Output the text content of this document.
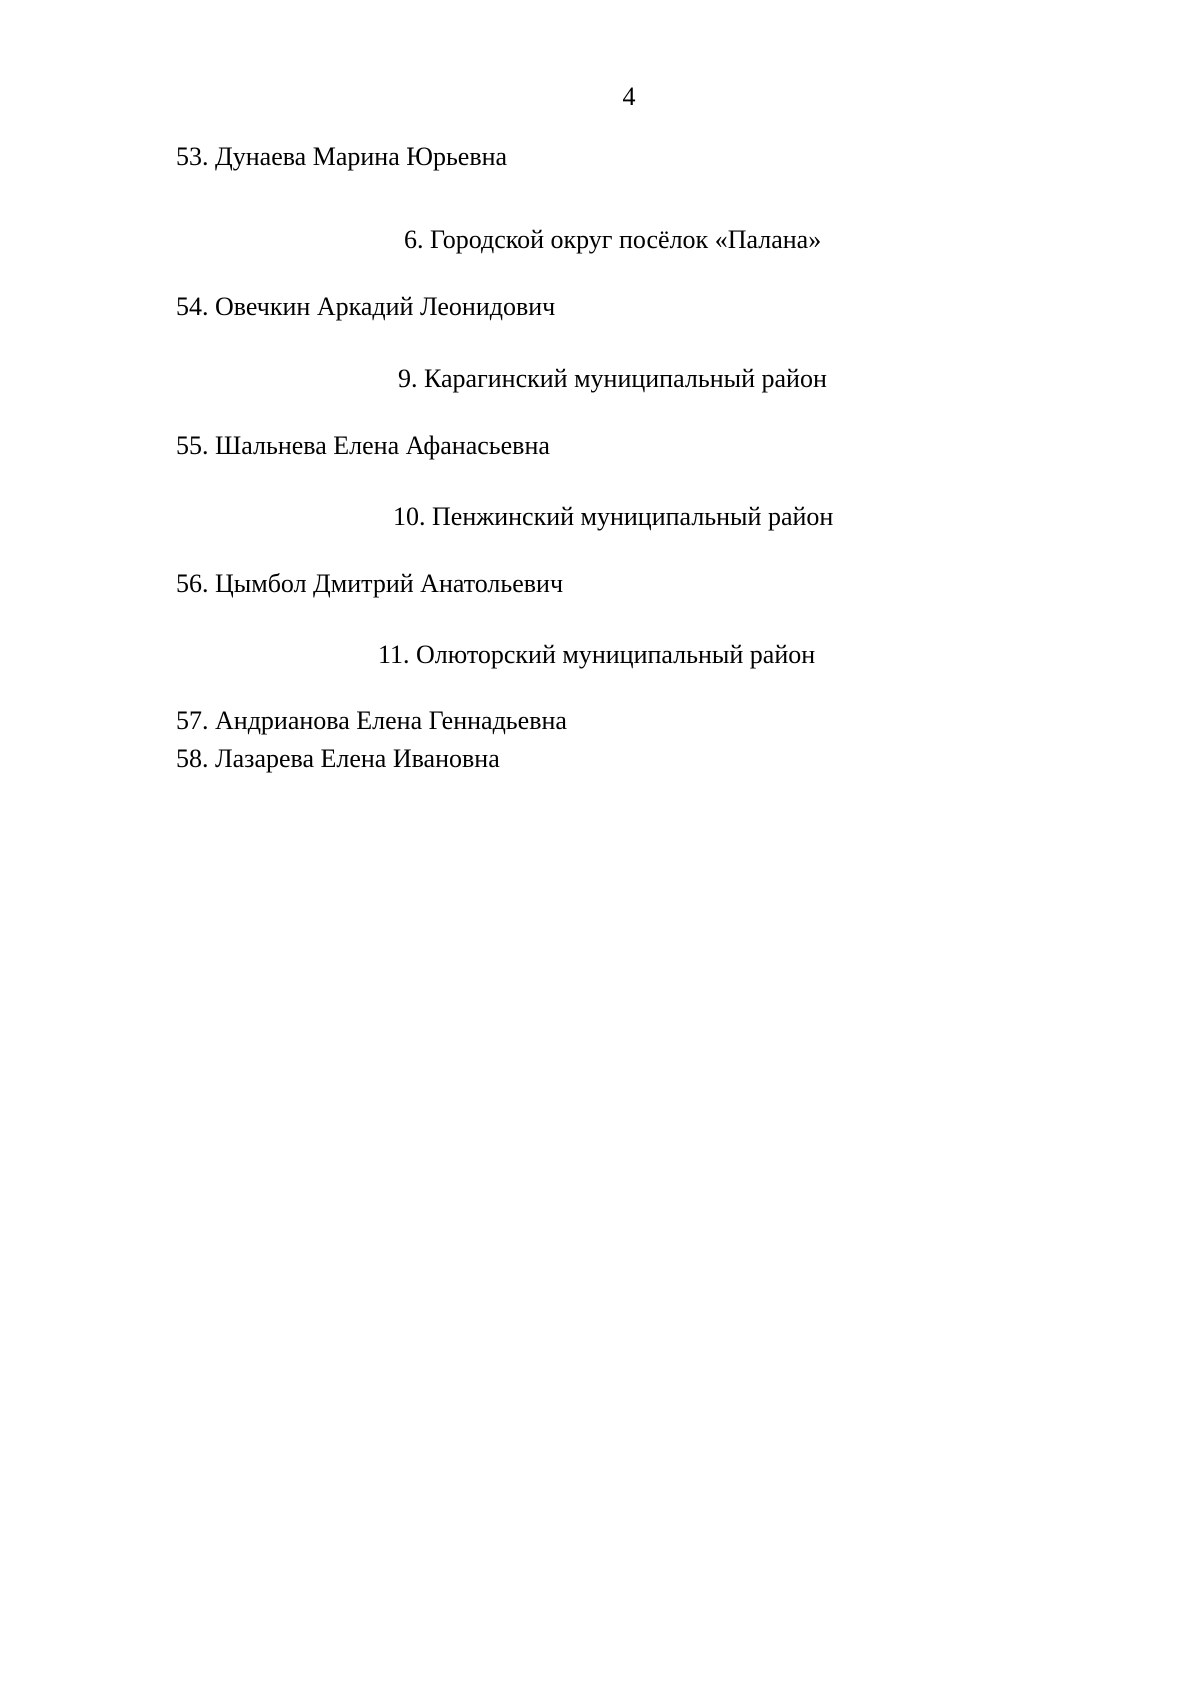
4

53. Дунаева Марина Юрьевна

6. Городской округ посёлок «Палана»

54. Овечкин Аркадий Леонидович

9. Карагинский муниципальный район

55. Шальнева Елена Афанасьевна

10. Пенжинский муниципальный район

56. Цымбол Дмитрий Анатольевич

11. Олюторский муниципальный район

57. Андрианова Елена Геннадьевна

58. Лазарева Елена Ивановна
